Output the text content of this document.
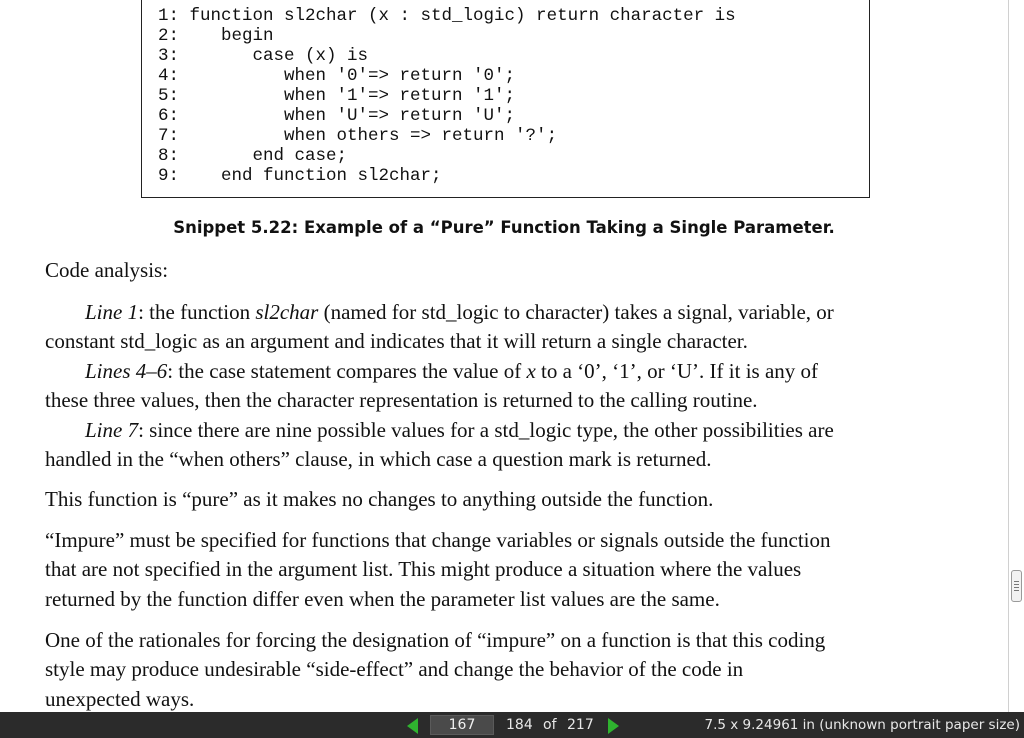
1: function sl2char (x : std_logic) return character is
2:    begin
3:       case (x) is
4:          when '0'=> return '0';
5:          when '1'=> return '1';
6:          when 'U'=> return 'U';
7:          when others => return '?';
8:       end case;
9:    end function sl2char;
Snippet 5.22: Example of a “Pure” Function Taking a Single Parameter.
Code analysis:
Line 1: the function sl2char (named for std_logic to character) takes a signal, variable, or
constant std_logic as an argument and indicates that it will return a single character.
Lines 4–6: the case statement compares the value of x to a ‘0’, ‘1’, or ‘U’. If it is any of
these three values, then the character representation is returned to the calling routine.
Line 7: since there are nine possible values for a std_logic type, the other possibilities are
handled in the “when others” clause, in which case a question mark is returned.
This function is “pure” as it makes no changes to anything outside the function.
“Impure” must be specified for functions that change variables or signals outside the function
that are not specified in the argument list. This might produce a situation where the values
returned by the function differ even when the parameter list values are the same.
One of the rationales for forcing the designation of “impure” on a function is that this coding
style may produce undesirable “side-effect” and change the behavior of the code in
unexpected ways.
167	184 of 217	7.5 x 9.24961 in (unknown portrait paper size)
